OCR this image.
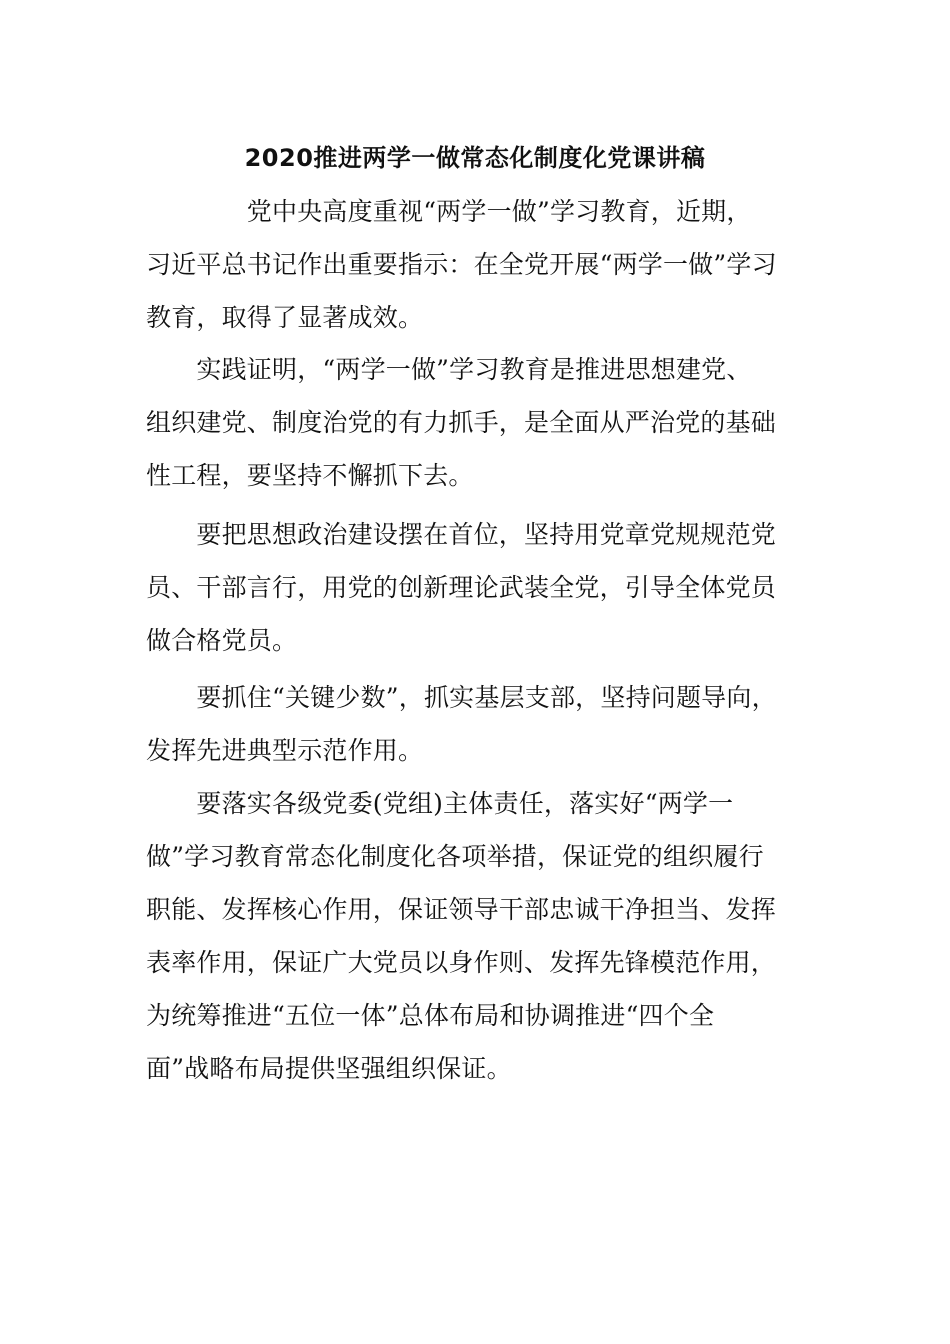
2020推进两学一做常态化制度化党课讲稿
　　　　党中央高度重视“两学一做”学习教育，近期，
习近平总书记作出重要指示：在全党开展“两学一做”学习
教育，取得了显著成效。
　　实践证明，“两学一做”学习教育是推进思想建党、
组织建党、制度治党的有力抓手，是全面从严治党的基础
性工程，要坚持不懈抓下去。
　　要把思想政治建设摆在首位，坚持用党章党规规范党
员、干部言行，用党的创新理论武装全党，引导全体党员
做合格党员。
　　要抓住“关键少数”，抓实基层支部，坚持问题导向，
发挥先进典型示范作用。
　　要落实各级党委(党组)主体责任，落实好“两学一
做”学习教育常态化制度化各项举措，保证党的组织履行
职能、发挥核心作用，保证领导干部忠诚干净担当、发挥
表率作用，保证广大党员以身作则、发挥先锋模范作用，
为统筹推进“五位一体”总体布局和协调推进“四个全
面”战略布局提供坚强组织保证。
